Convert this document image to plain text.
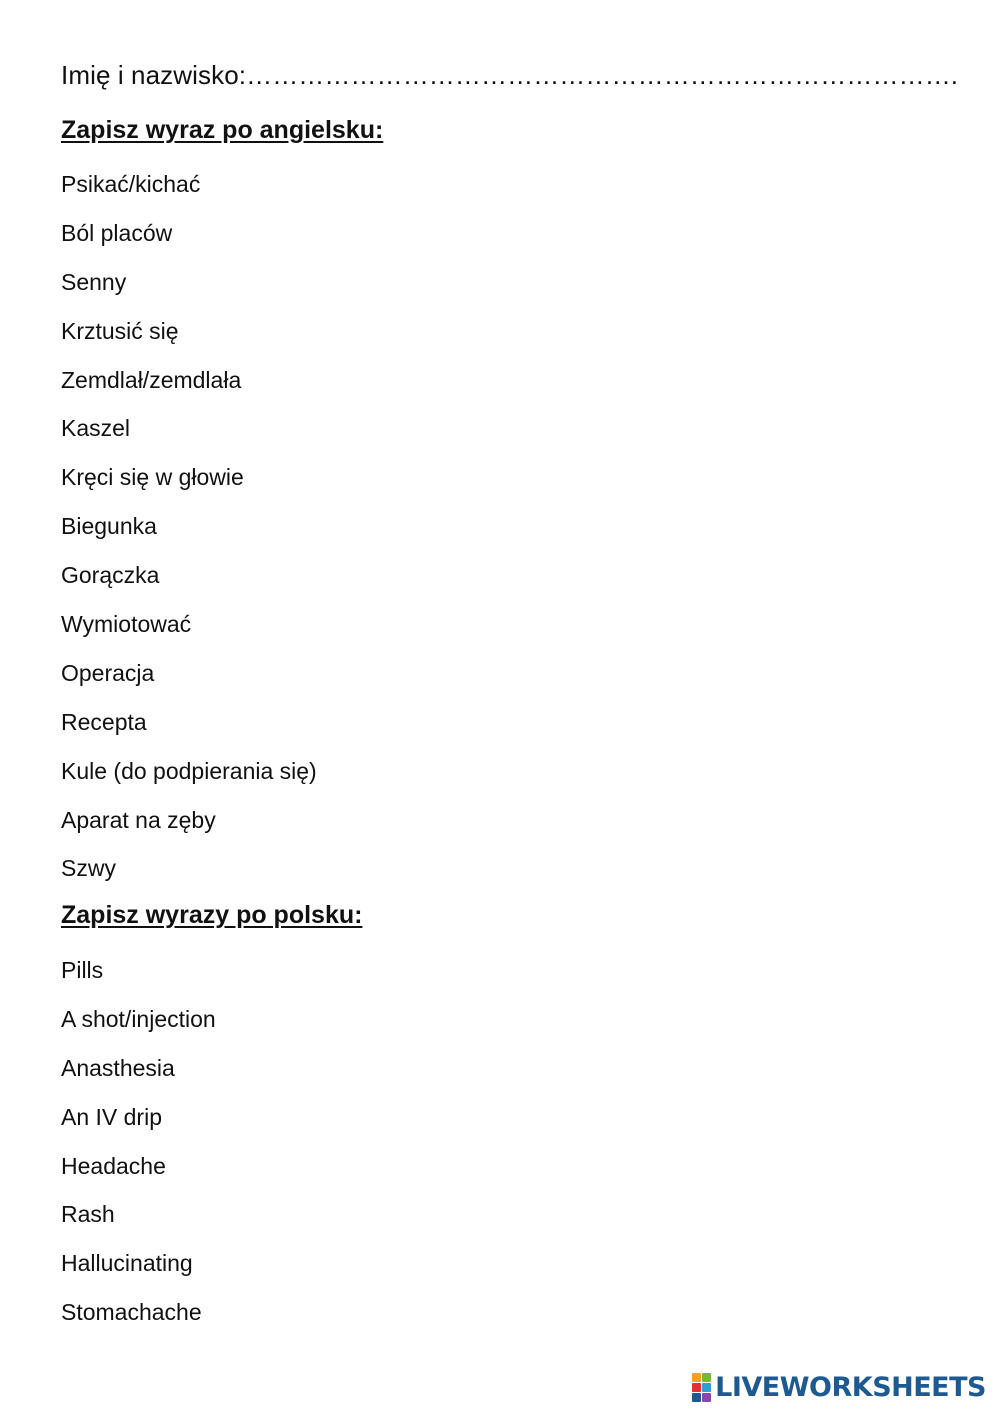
Imię i nazwisko:……………………………………………………………………….
Zapisz wyraz po angielsku:
Psikać/kichać
Ból placów
Senny
Krztusić się
Zemdlał/zemdlała
Kaszel
Kręci się w głowie
Biegunka
Gorączka
Wymiotować
Operacja
Recepta
Kule (do podpierania się)
Aparat na zęby
Szwy
Zapisz wyrazy po polsku:
Pills
A shot/injection
Anasthesia
An IV drip
Headache
Rash
Hallucinating
Stomachache
LIVEWORKSHEETS
